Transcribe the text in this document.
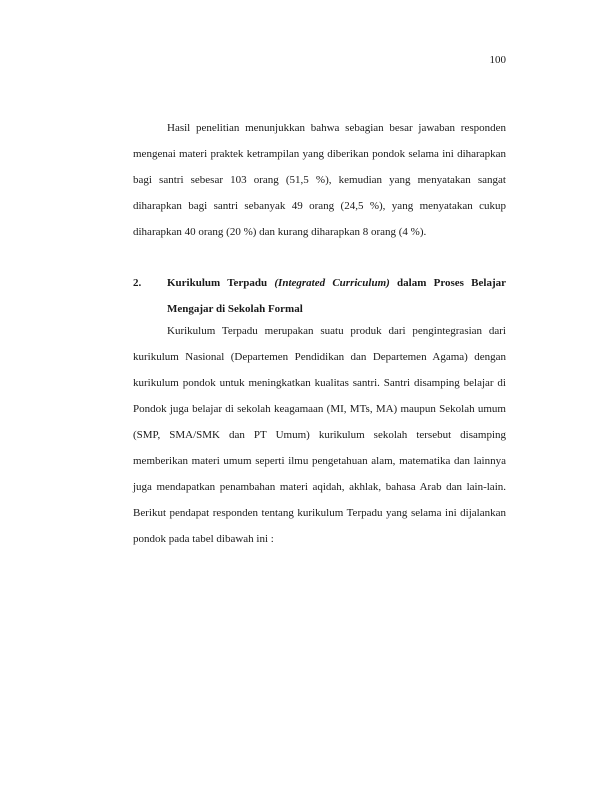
100

Hasil penelitian menunjukkan bahwa sebagian besar jawaban responden mengenai materi praktek ketrampilan yang diberikan pondok selama ini diharapkan bagi santri sebesar 103 orang (51,5 %), kemudian yang menyatakan sangat diharapkan bagi santri sebanyak 49 orang (24,5 %), yang menyatakan cukup diharapkan 40 orang (20 %) dan kurang diharapkan 8 orang (4 %).

2. Kurikulum Terpadu (Integrated Curriculum) dalam Proses Belajar Mengajar di Sekolah Formal

Kurikulum Terpadu merupakan suatu produk dari pengintegrasian dari kurikulum Nasional (Departemen Pendidikan dan Departemen Agama) dengan kurikulum pondok untuk meningkatkan kualitas santri. Santri disamping belajar di Pondok juga belajar di sekolah keagamaan (MI, MTs, MA) maupun Sekolah umum (SMP, SMA/SMK dan PT Umum) kurikulum sekolah tersebut disamping memberikan materi umum seperti ilmu pengetahuan alam, matematika dan lainnya juga mendapatkan penambahan materi aqidah, akhlak, bahasa Arab dan lain-lain. Berikut pendapat responden tentang kurikulum Terpadu yang selama ini dijalankan pondok pada tabel dibawah ini :
